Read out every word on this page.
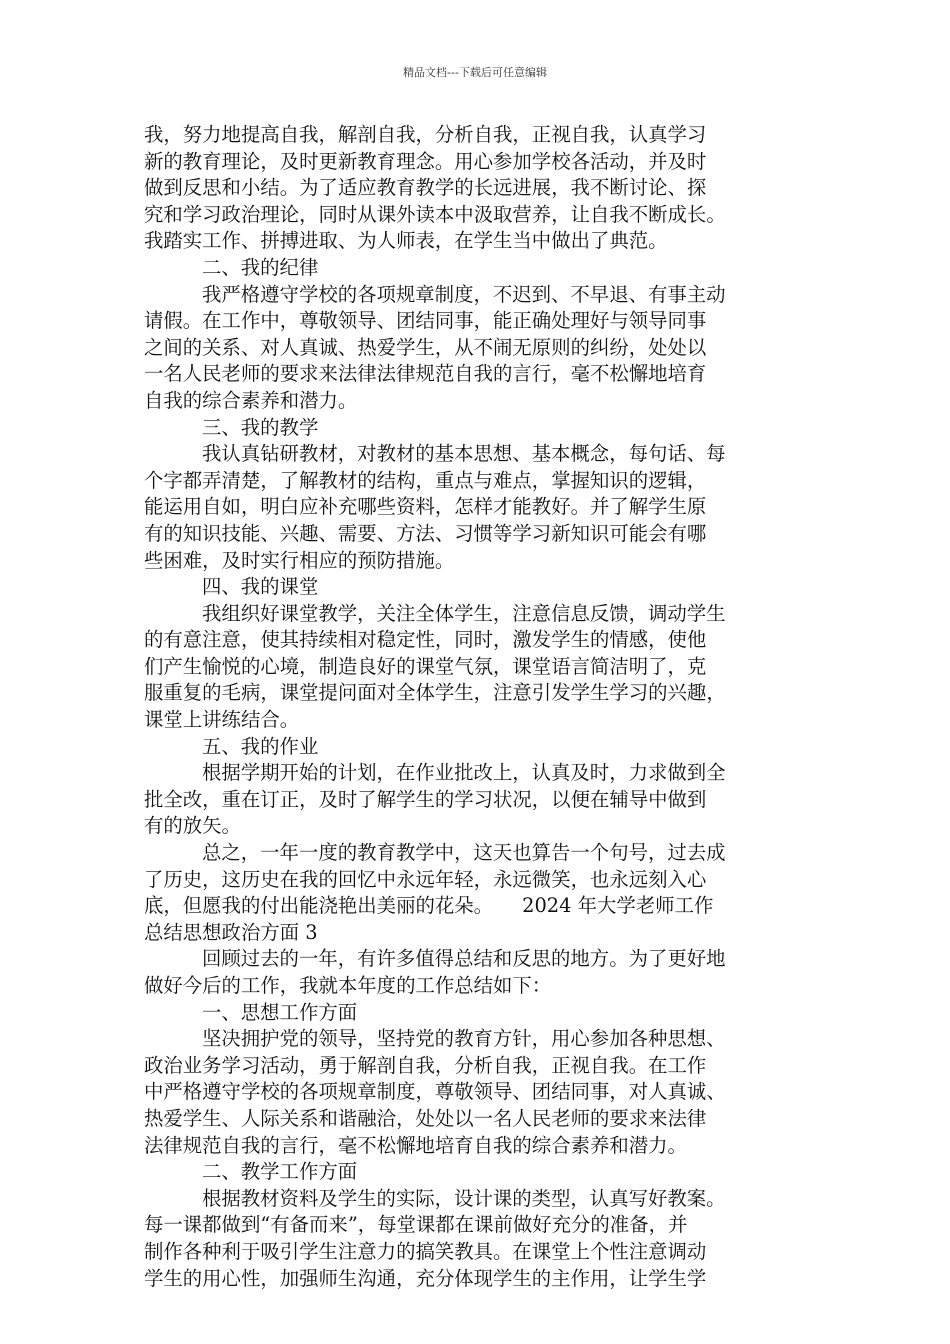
精品文档---下载后可任意编辑
我，努力地提高自我，解剖自我，分析自我，正视自我，认真学习
新的教育理论，及时更新教育理念。用心参加学校各活动，并及时
做到反思和小结。为了适应教育教学的长远进展，我不断讨论、探
究和学习政治理论，同时从课外读本中汲取营养，让自我不断成长。
我踏实工作、拼搏进取、为人师表，在学生当中做出了典范。
二、我的纪律
我严格遵守学校的各项规章制度，不迟到、不早退、有事主动
请假。在工作中，尊敬领导、团结同事，能正确处理好与领导同事
之间的关系、对人真诚、热爱学生，从不闹无原则的纠纷，处处以
一名人民老师的要求来法律法律规范自我的言行，毫不松懈地培育
自我的综合素养和潜力。
三、我的教学
我认真钻研教材，对教材的基本思想、基本概念，每句话、每
个字都弄清楚，了解教材的结构，重点与难点，掌握知识的逻辑，
能运用自如，明白应补充哪些资料，怎样才能教好。并了解学生原
有的知识技能、兴趣、需要、方法、习惯等学习新知识可能会有哪
些困难，及时实行相应的预防措施。
四、我的课堂
我组织好课堂教学，关注全体学生，注意信息反馈，调动学生
的有意注意，使其持续相对稳定性，同时，激发学生的情感，使他
们产生愉悦的心境，制造良好的课堂气氛，课堂语言简洁明了，克
服重复的毛病，课堂提问面对全体学生，注意引发学生学习的兴趣，
课堂上讲练结合。
五、我的作业
根据学期开始的计划，在作业批改上，认真及时，力求做到全
批全改，重在订正，及时了解学生的学习状况，以便在辅导中做到
有的放矢。
总之，一年一度的教育教学中，这天也算告一个句号，过去成
了历史，这历史在我的回忆中永远年轻，永远微笑，也永远刻入心
底，但愿我的付出能浇艳出美丽的花朵。　　2024 年大学老师工作
总结思想政治方面 3
回顾过去的一年，有许多值得总结和反思的地方。为了更好地
做好今后的工作，我就本年度的工作总结如下：
一、思想工作方面
坚决拥护党的领导，坚持党的教育方针，用心参加各种思想、
政治业务学习活动，勇于解剖自我，分析自我，正视自我。在工作
中严格遵守学校的各项规章制度，尊敬领导、团结同事，对人真诚、
热爱学生、人际关系和谐融洽，处处以一名人民老师的要求来法律
法律规范自我的言行，毫不松懈地培育自我的综合素养和潜力。
二、教学工作方面
根据教材资料及学生的实际，设计课的类型，认真写好教案。
每一课都做到“有备而来”，每堂课都在课前做好充分的准备，并
制作各种利于吸引学生注意力的搞笑教具。在课堂上个性注意调动
学生的用心性，加强师生沟通，充分体现学生的主作用，让学生学
